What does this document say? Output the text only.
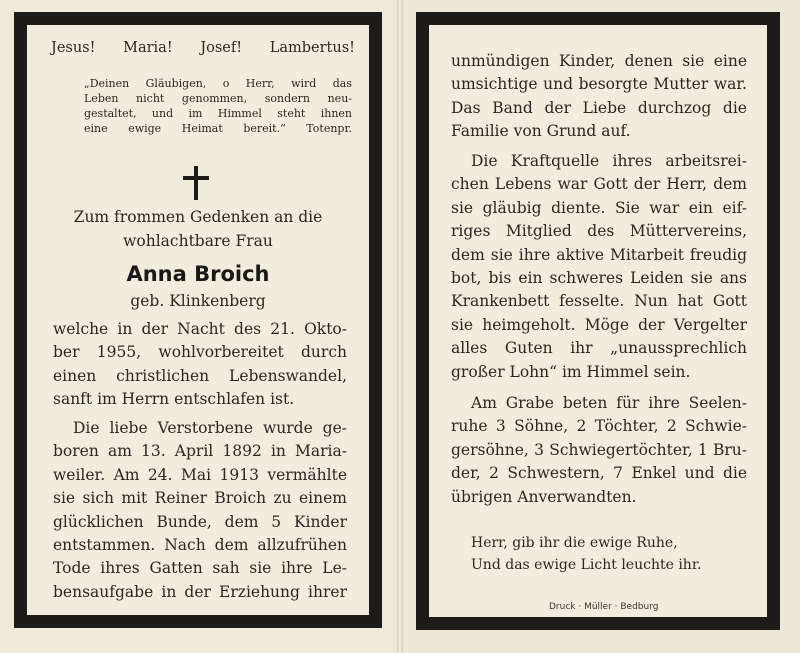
Jesus! Maria! Josef! Lambertus!
„Deinen Gläubigen, o Herr, wird das
Leben nicht genommen, sondern neu-
gestaltet, und im Himmel steht ihnen
eine ewige Heimat bereit.“ Totenpr.
Zum frommen Gedenken an die
wohlachtbare Frau
Anna Broich
geb. Klinkenberg
welche in der Nacht des 21. Okto-
ber 1955, wohlvorbereitet durch
einen christlichen Lebenswandel,
sanft im Herrn entschlafen ist.
Die liebe Verstorbene wurde ge-
boren am 13. April 1892 in Maria-
weiler. Am 24. Mai 1913 vermählte
sie sich mit Reiner Broich zu einem
glücklichen Bunde, dem 5 Kinder
entstammen. Nach dem allzufrühen
Tode ihres Gatten sah sie ihre Le-
bensaufgabe in der Erziehung ihrer
unmündigen Kinder, denen sie eine
umsichtige und besorgte Mutter war.
Das Band der Liebe durchzog die
Familie von Grund auf.
Die Kraftquelle ihres arbeitsrei-
chen Lebens war Gott der Herr, dem
sie gläubig diente. Sie war ein eif-
riges Mitglied des Müttervereins,
dem sie ihre aktive Mitarbeit freudig
bot, bis ein schweres Leiden sie ans
Krankenbett fesselte. Nun hat Gott
sie heimgeholt. Möge der Vergelter
alles Guten ihr „unaussprechlich
großer Lohn“ im Himmel sein.
Am Grabe beten für ihre Seelen-
ruhe 3 Söhne, 2 Töchter, 2 Schwie-
gersöhne, 3 Schwiegertöchter, 1 Bru-
der, 2 Schwestern, 7 Enkel und die
übrigen Anverwandten.
Herr, gib ihr die ewige Ruhe,
Und das ewige Licht leuchte ihr.
Druck · Müller · Bedburg
